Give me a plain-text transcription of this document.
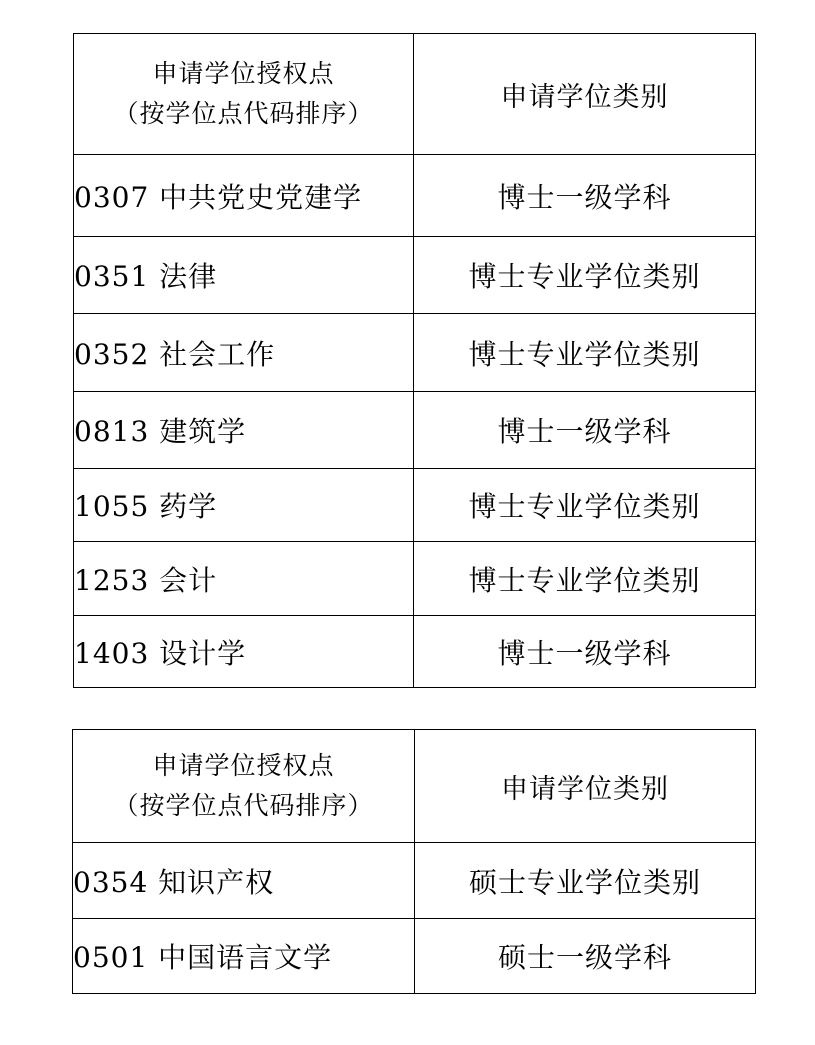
申请学位授权点
（按学位点代码排序）	申请学位类别
0307 中共党史党建学	博士一级学科
0351 法律	博士专业学位类别
0352 社会工作	博士专业学位类别
0813 建筑学	博士一级学科
1055 药学	博士专业学位类别
1253 会计	博士专业学位类别
1403 设计学	博士一级学科
申请学位授权点
（按学位点代码排序）	申请学位类别
0354 知识产权	硕士专业学位类别
0501 中国语言文学	硕士一级学科
